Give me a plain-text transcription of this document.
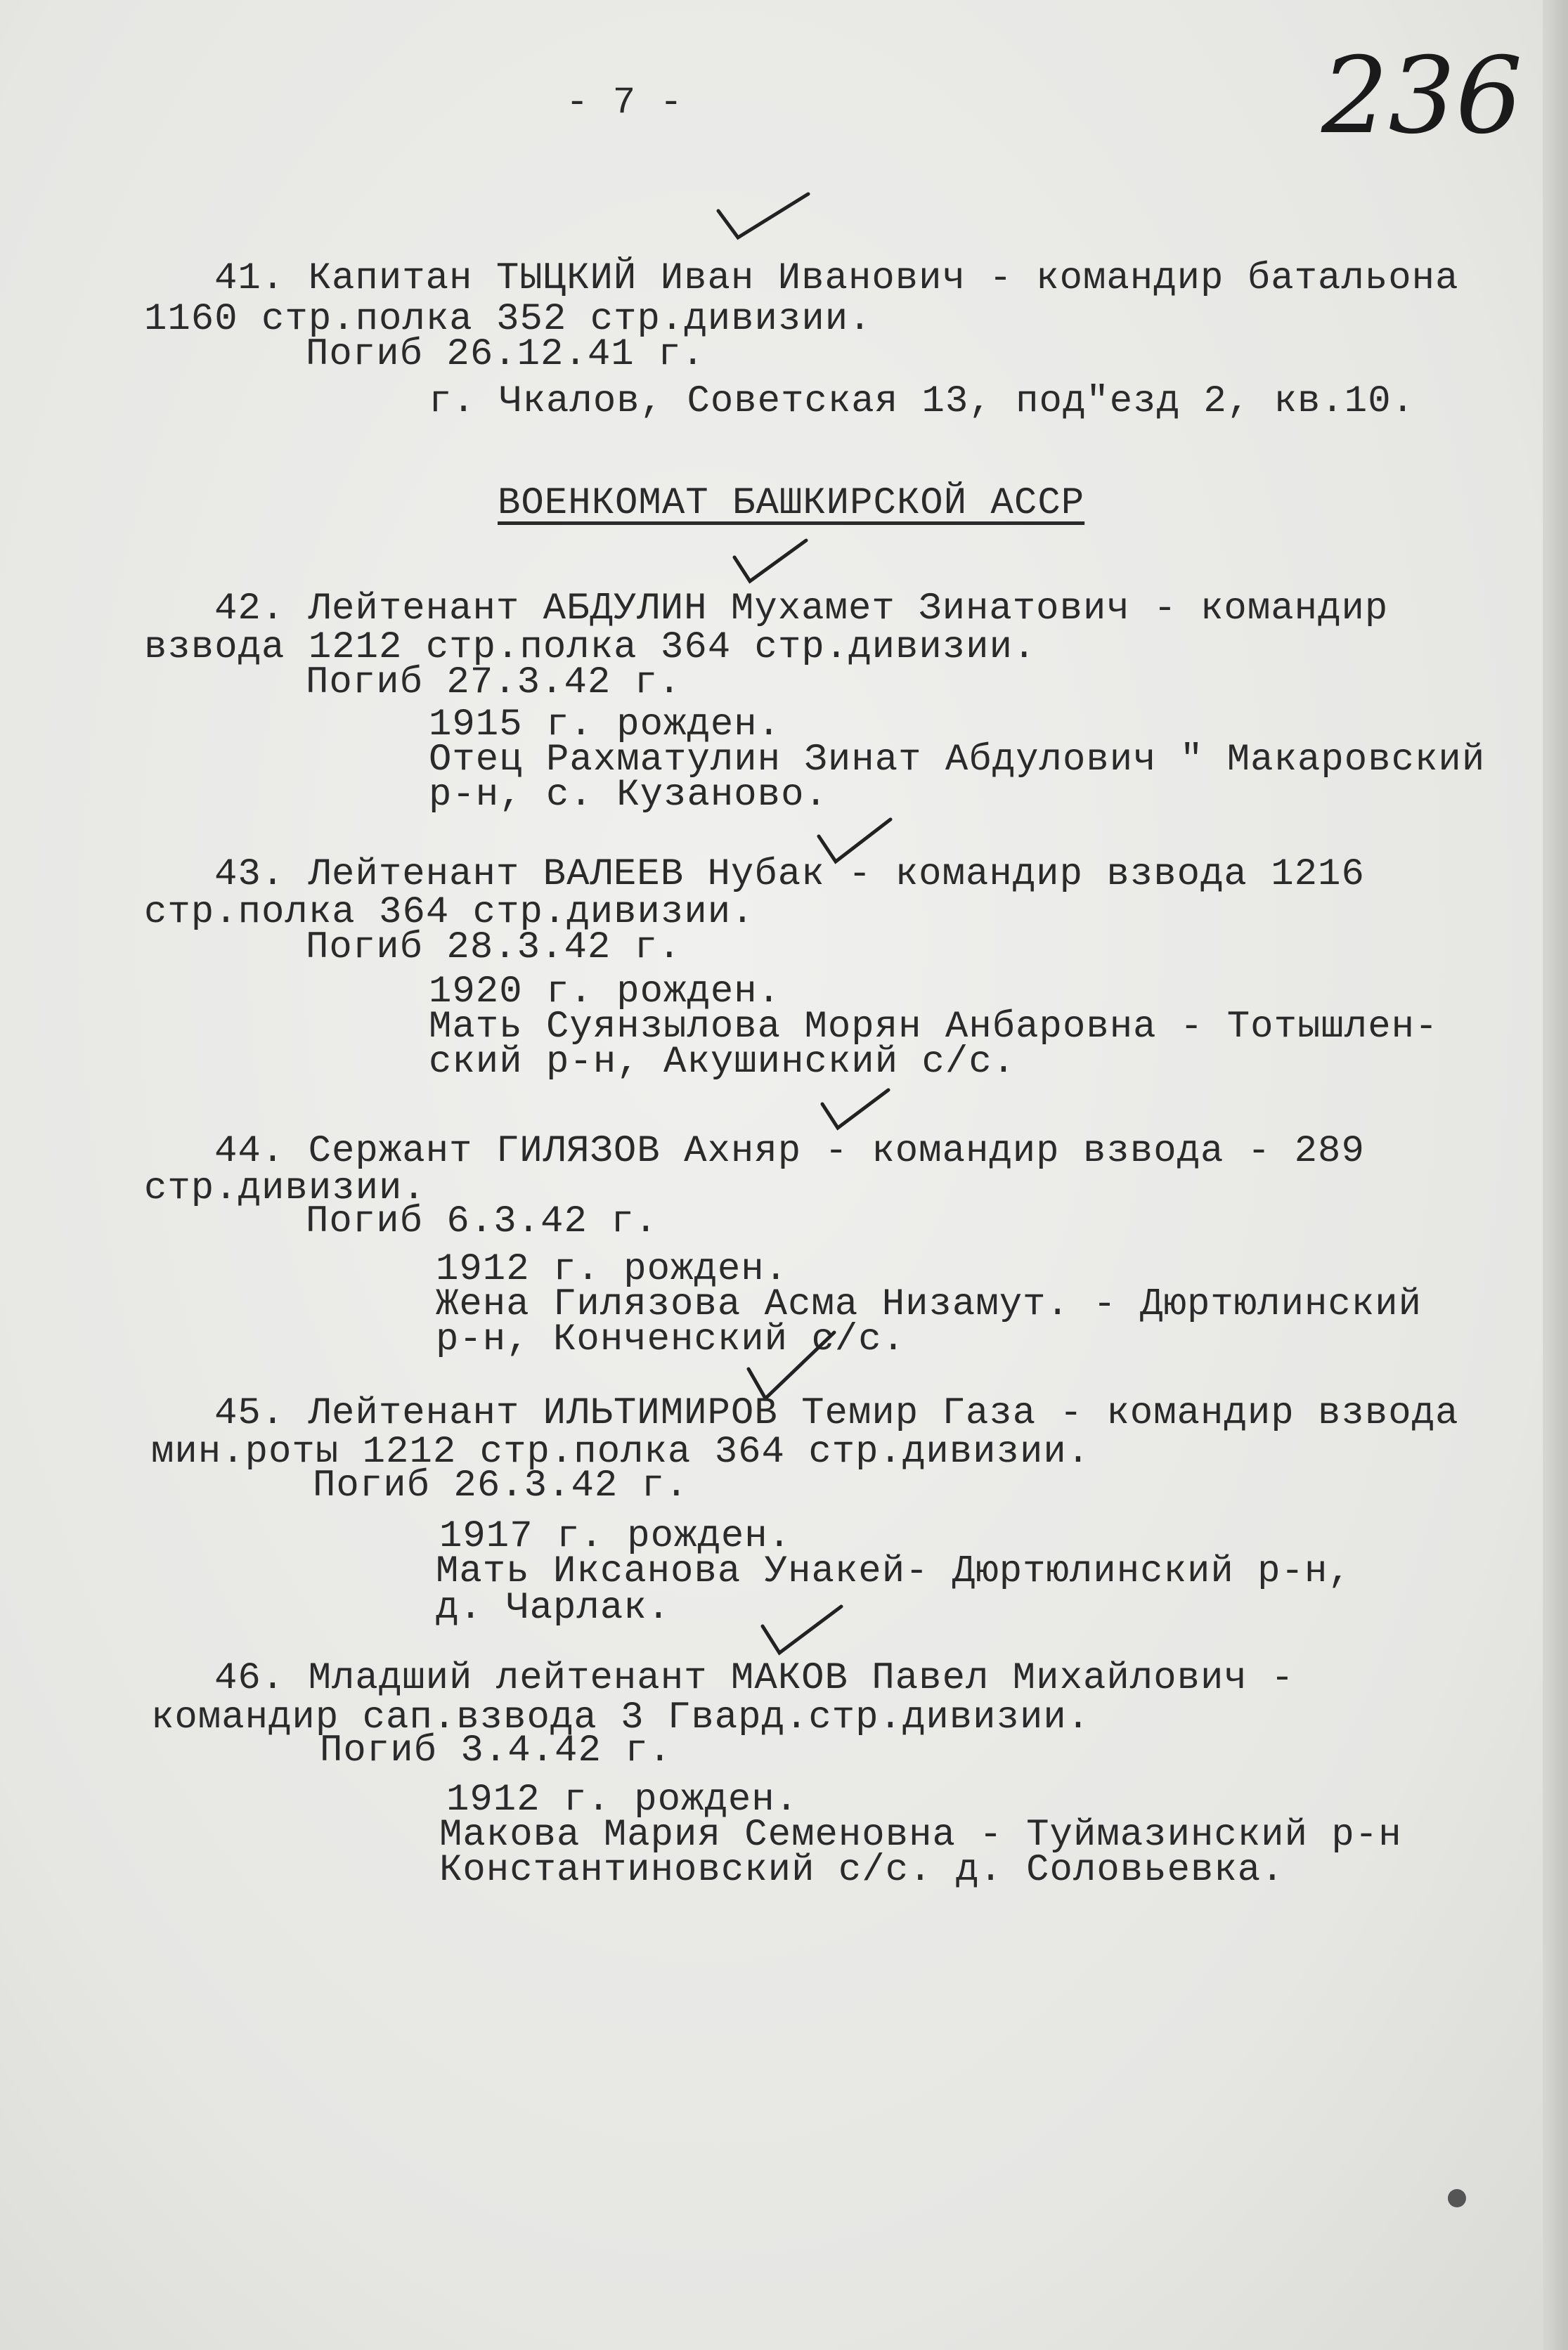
236
- 7 -
41. Капитан ТЫЦКИЙ Иван Иванович - командир батальона
1160 стр.полка 352 стр.дивизии.
Погиб 26.12.41 г.
г. Чкалов, Советская 13, под"езд 2, кв.10.
ВОЕНКОМАТ БАШКИРСКОЙ АССР
42. Лейтенант АБДУЛИН Мухамет Зинатович - командир
взвода 1212 стр.полка 364 стр.дивизии.
Погиб 27.3.42 г.
1915 г. рожден.
Отец Рахматулин Зинат Абдулович " Макаровский
р-н, с. Кузаново.
43. Лейтенант ВАЛЕЕВ Нубак - командир взвода 1216
стр.полка 364 стр.дивизии.
Погиб 28.3.42 г.
1920 г. рожден.
Мать Суянзылова Морян Анбаровна - Тотышлен-
ский р-н, Акушинский с/с.
44. Сержант ГИЛЯЗОВ Ахняр - командир взвода - 289
стр.дивизии.
Погиб 6.3.42 г.
1912 г. рожден.
Жена Гилязова Асма Низамут. - Дюртюлинский
р-н, Конченский с/с.
45. Лейтенант ИЛЬТИМИРОВ Темир Газа - командир взвода
мин.роты 1212 стр.полка 364 стр.дивизии.
Погиб 26.3.42 г.
1917 г. рожден.
Мать Иксанова Унакей- Дюртюлинский р-н,
д. Чарлак.
46. Младший лейтенант МАКОВ Павел Михайлович -
командир сап.взвода 3 Гвард.стр.дивизии.
Погиб 3.4.42 г.
1912 г. рожден.
Макова Мария Семеновна - Туймазинский р-н
Константиновский с/с. д. Соловьевка.
